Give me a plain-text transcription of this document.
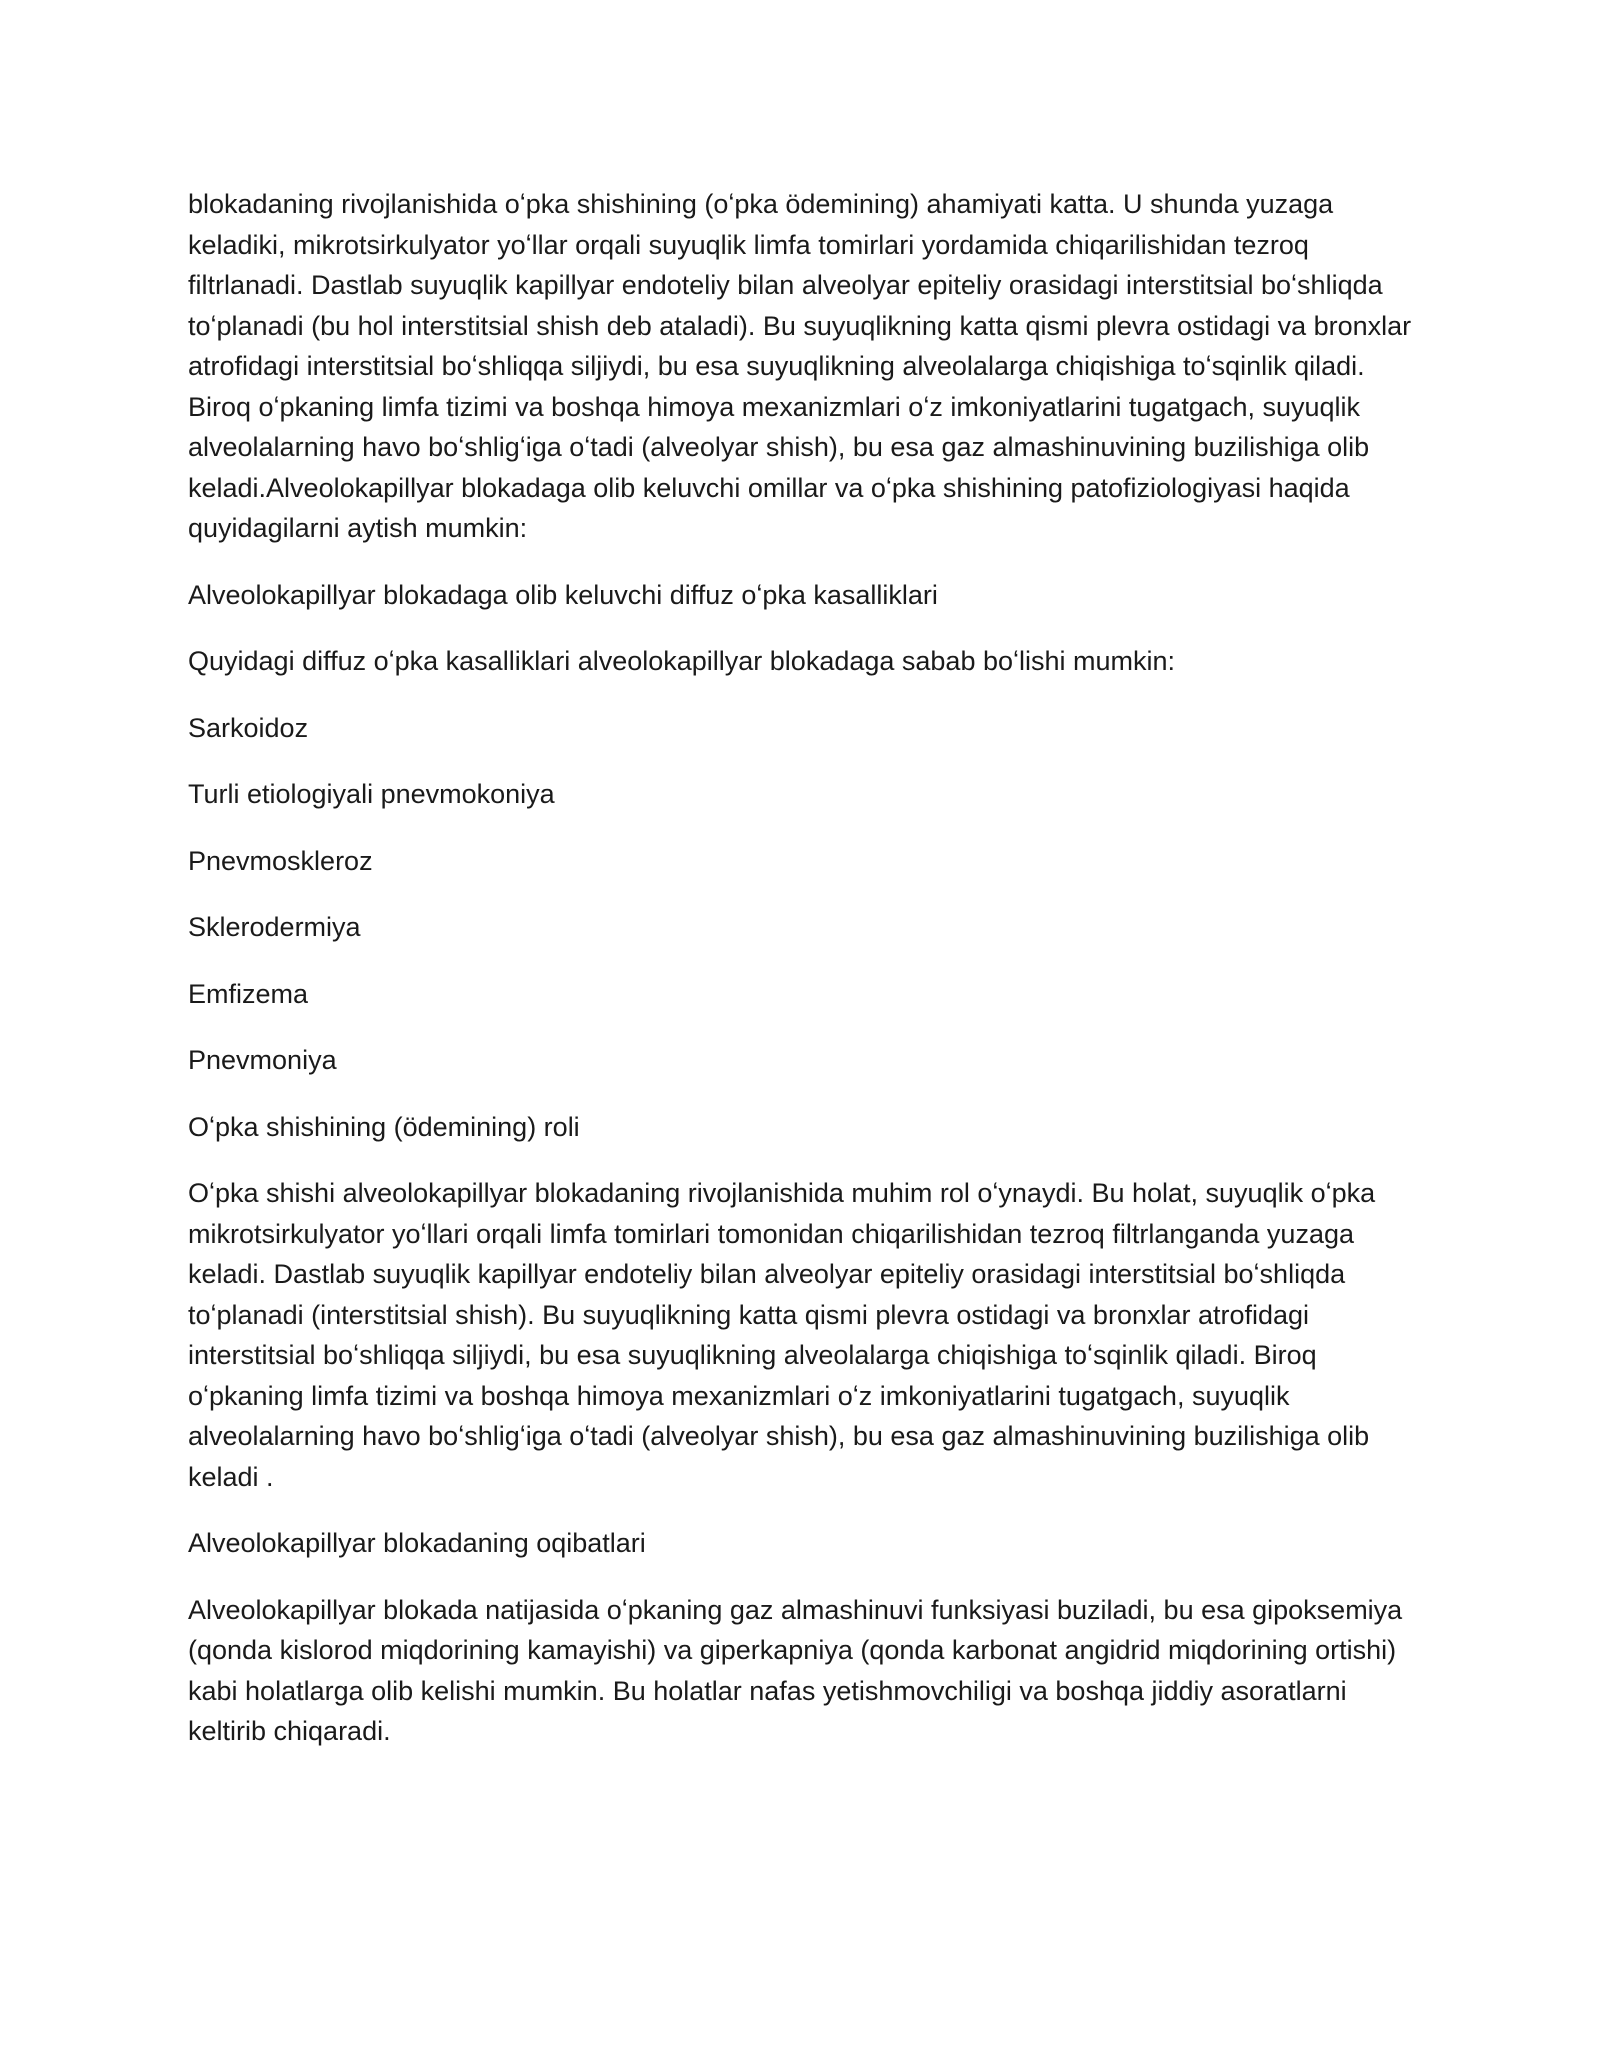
blokadaning rivojlanishida oʻpka shishining (oʻpka ödemining) ahamiyati katta. U shunda yuzaga keladiki, mikrotsirkulyator yoʻllar orqali suyuqlik limfa tomirlari yordamida chiqarilishidan tezroq filtrlanadi. Dastlab suyuqlik kapillyar endoteliy bilan alveolyar epiteliy orasidagi interstitsial boʻshliqda toʻplanadi (bu hol interstitsial shish deb ataladi). Bu suyuqlikning katta qismi plevra ostidagi va bronxlar atrofidagi interstitsial boʻshliqqa siljiydi, bu esa suyuqlikning alveolalarga chiqishiga toʻsqinlik qiladi. Biroq oʻpkaning limfa tizimi va boshqa himoya mexanizmlari oʻz imkoniyatlarini tugatgach, suyuqlik alveolalarning havo boʻshligʻiga oʻtadi (alveolyar shish), bu esa gaz almashinuvining buzilishiga olib keladi.Alveolokapillyar blokadaga olib keluvchi omillar va oʻpka shishining patofiziologiyasi haqida quyidagilarni aytish mumkin:

Alveolokapillyar blokadaga olib keluvchi diffuz oʻpka kasalliklari

Quyidagi diffuz oʻpka kasalliklari alveolokapillyar blokadaga sabab boʻlishi mumkin:

Sarkoidoz

Turli etiologiyali pnevmokoniya

Pnevmoskleroz

Sklerodermiya

Emfizema

Pnevmoniya

Oʻpka shishining (ödemining) roli

Oʻpka shishi alveolokapillyar blokadaning rivojlanishida muhim rol oʻynaydi. Bu holat, suyuqlik oʻpka mikrotsirkulyator yoʻllari orqali limfa tomirlari tomonidan chiqarilishidan tezroq filtrlanganda yuzaga keladi. Dastlab suyuqlik kapillyar endoteliy bilan alveolyar epiteliy orasidagi interstitsial boʻshliqda toʻplanadi (interstitsial shish). Bu suyuqlikning katta qismi plevra ostidagi va bronxlar atrofidagi interstitsial boʻshliqqa siljiydi, bu esa suyuqlikning alveolalarga chiqishiga toʻsqinlik qiladi. Biroq oʻpkaning limfa tizimi va boshqa himoya mexanizmlari oʻz imkoniyatlarini tugatgach, suyuqlik alveolalarning havo boʻshligʻiga oʻtadi (alveolyar shish), bu esa gaz almashinuvining buzilishiga olib keladi .

Alveolokapillyar blokadaning oqibatlari

Alveolokapillyar blokada natijasida oʻpkaning gaz almashinuvi funksiyasi buziladi, bu esa gipoksemiya (qonda kislorod miqdorining kamayishi) va giperkapniya (qonda karbonat angidrid miqdorining ortishi) kabi holatlarga olib kelishi mumkin. Bu holatlar nafas yetishmovchiligi va boshqa jiddiy asoratlarni keltirib chiqaradi.
